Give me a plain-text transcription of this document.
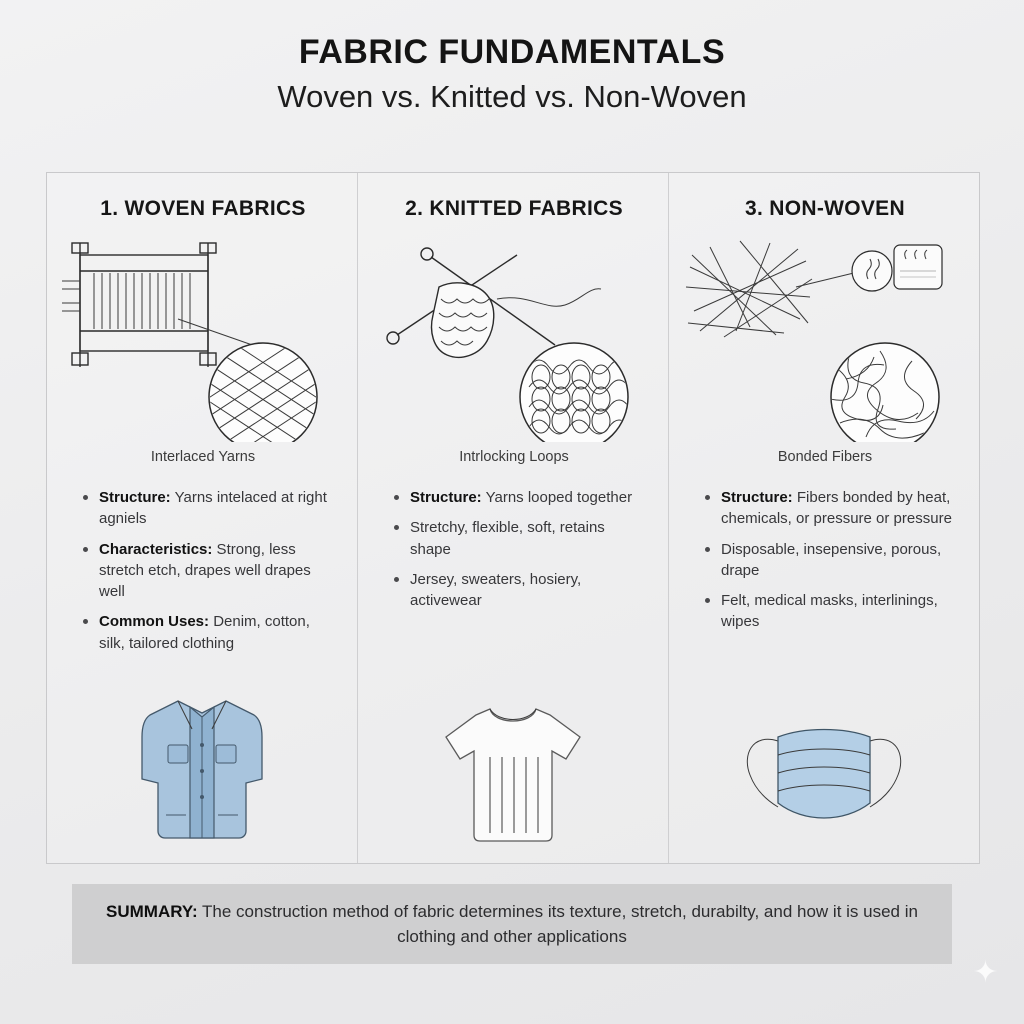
FABRIC FUNDAMENTALS
Woven vs. Knitted vs. Non-Woven
1. WOVEN FABRICS
Interlaced Yarns
Structure: Yarns intelaced at right agniels
Characteristics: Strong, less stretch etch, drapes well drapes well
Common Uses: Denim, cotton, silk, tailored clothing
2. KNITTED FABRICS
Intrlocking Loops
Structure: Yarns looped together
Stretchy, flexible, soft, retains shape
Jersey, sweaters, hosiery, activewear
3. NON-WOVEN
Bonded Fibers
Structure: Fibers bonded by heat, chemicals, or pressure or pressure
Disposable, insepensive, porous, drape
Felt, medical masks, interlinings, wipes

SUMMARY: The construction method of fabric determines its texture, stretch, durabilty, and how it is used in clothing and other applications

✦
